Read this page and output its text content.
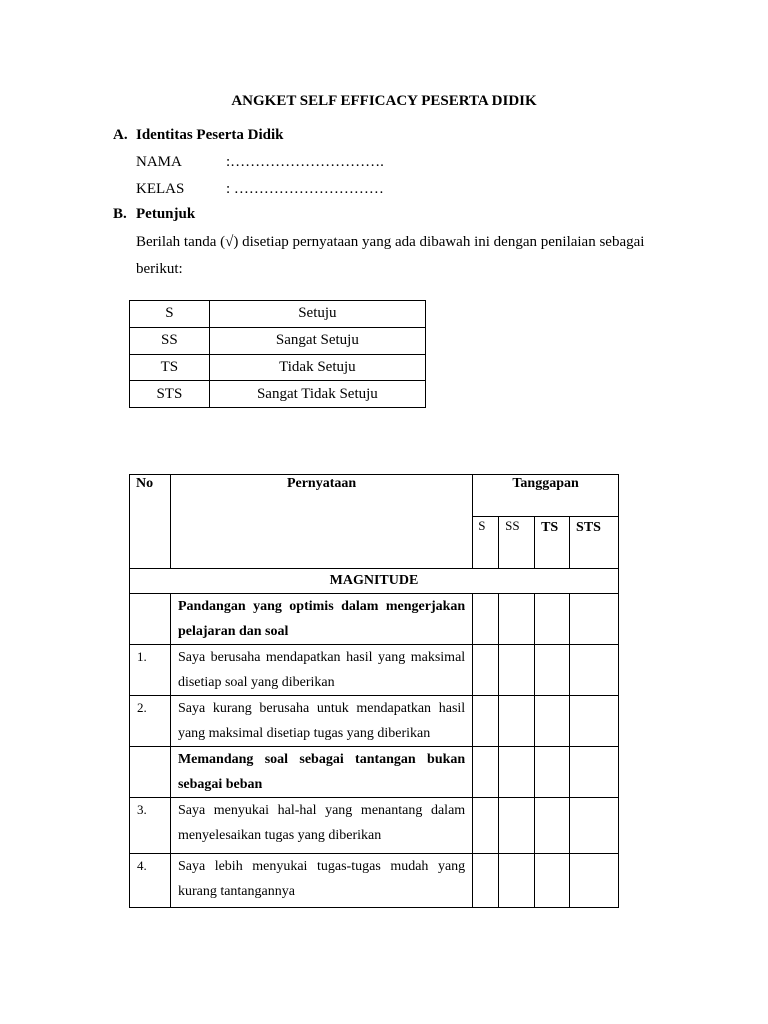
ANGKET SELF EFFICACY PESERTA DIDIK
A. Identitas Peserta Didik
NAMA	:………………………….
KELAS	: …………………………
B. Petunjuk
Berilah tanda (√) disetiap pernyataan yang ada dibawah ini dengan penilaian sebagai
berikut:
S	Setuju
SS	Sangat Setuju
TS	Tidak Setuju
STS	Sangat Tidak Setuju
No	Pernyataan	Tanggapan			
		S	SS	TS	STS
MAGNITUDE					
	Pandangan yang optimis dalam mengerjakan pelajaran dan soal				
1.	Saya berusaha mendapatkan hasil yang maksimal disetiap soal yang diberikan				
2.	Saya kurang berusaha untuk mendapatkan hasil yang maksimal disetiap tugas yang diberikan				
	Memandang soal sebagai tantangan bukan sebagai beban				
3.	Saya menyukai hal-hal yang menantang dalam menyelesaikan tugas yang diberikan				
4.	Saya lebih menyukai tugas-tugas mudah yang kurang tantangannya				
